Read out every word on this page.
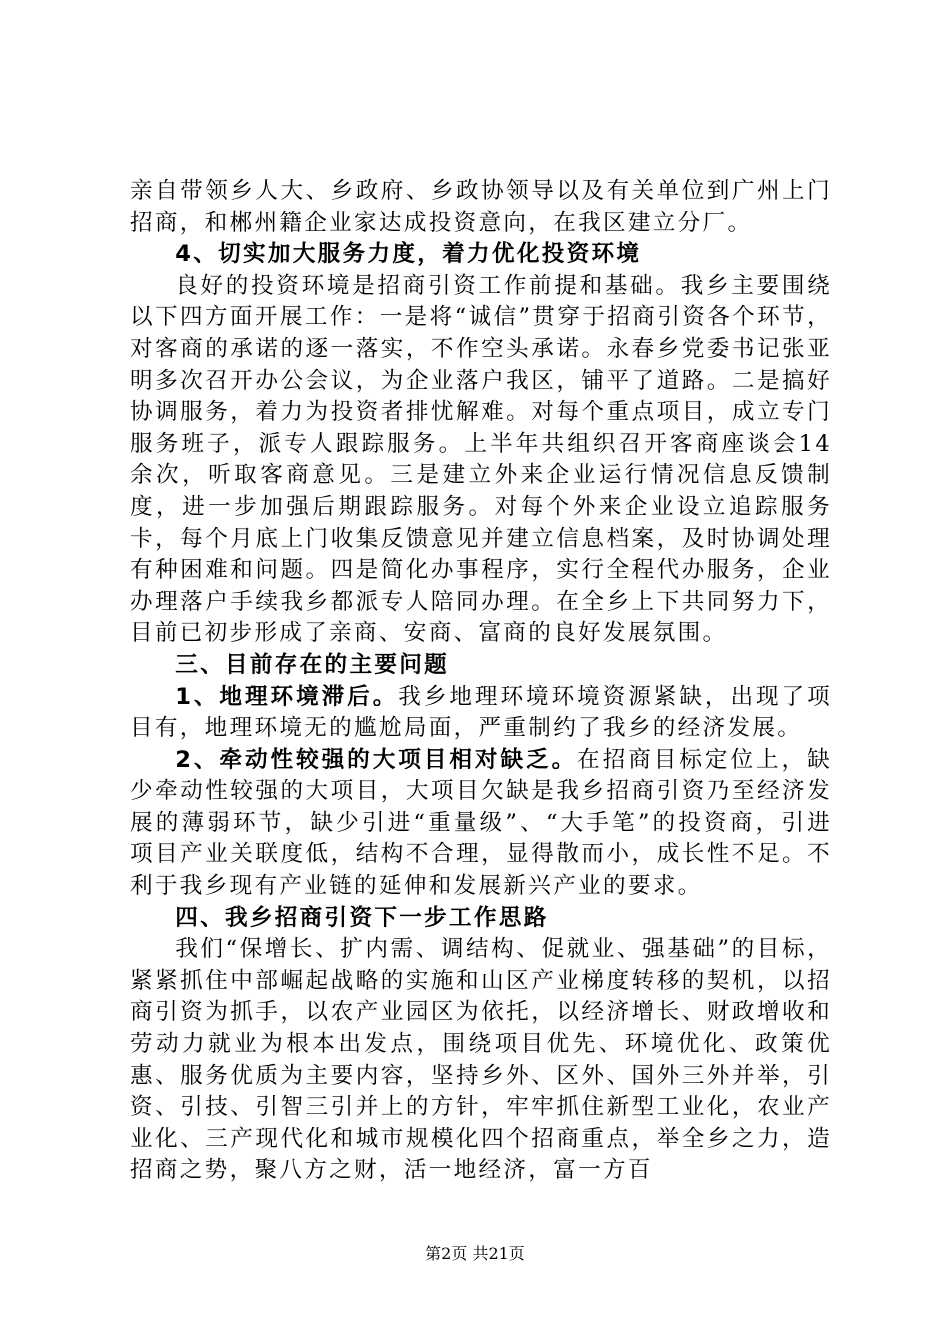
亲自带领乡人大、乡政府、乡政协领导以及有关单位到广州上门招商，和郴州籍企业家达成投资意向，在我区建立分厂。

4、切实加大服务力度，着力优化投资环境

良好的投资环境是招商引资工作前提和基础。我乡主要围绕以下四方面开展工作：一是将“诚信”贯穿于招商引资各个环节，对客商的承诺的逐一落实，不作空头承诺。永春乡党委书记张亚明多次召开办公会议，为企业落户我区，铺平了道路。二是搞好协调服务，着力为投资者排忧解难。对每个重点项目，成立专门服务班子，派专人跟踪服务。上半年共组织召开客商座谈会14余次，听取客商意见。三是建立外来企业运行情况信息反馈制度，进一步加强后期跟踪服务。对每个外来企业设立追踪服务卡，每个月底上门收集反馈意见并建立信息档案，及时协调处理有种困难和问题。四是简化办事程序，实行全程代办服务，企业办理落户手续我乡都派专人陪同办理。在全乡上下共同努力下，目前已初步形成了亲商、安商、富商的良好发展氛围。

三、目前存在的主要问题

1、地理环境滞后。我乡地理环境环境资源紧缺，出现了项目有，地理环境无的尴尬局面，严重制约了我乡的经济发展。

2、牵动性较强的大项目相对缺乏。在招商目标定位上，缺少牵动性较强的大项目，大项目欠缺是我乡招商引资乃至经济发展的薄弱环节，缺少引进“重量级”、“大手笔”的投资商，引进项目产业关联度低，结构不合理，显得散而小，成长性不足。不利于我乡现有产业链的延伸和发展新兴产业的要求。

四、我乡招商引资下一步工作思路

我们“保增长、扩内需、调结构、促就业、强基础”的目标，紧紧抓住中部崛起战略的实施和山区产业梯度转移的契机，以招商引资为抓手，以农产业园区为依托，以经济增长、财政增收和劳动力就业为根本出发点，围绕项目优先、环境优化、政策优惠、服务优质为主要内容，坚持乡外、区外、国外三外并举，引资、引技、引智三引并上的方针，牢牢抓住新型工业化，农业产业化、三产现代化和城市规模化四个招商重点，举全乡之力，造招商之势，聚八方之财，活一地经济，富一方百

第2页 共21页
